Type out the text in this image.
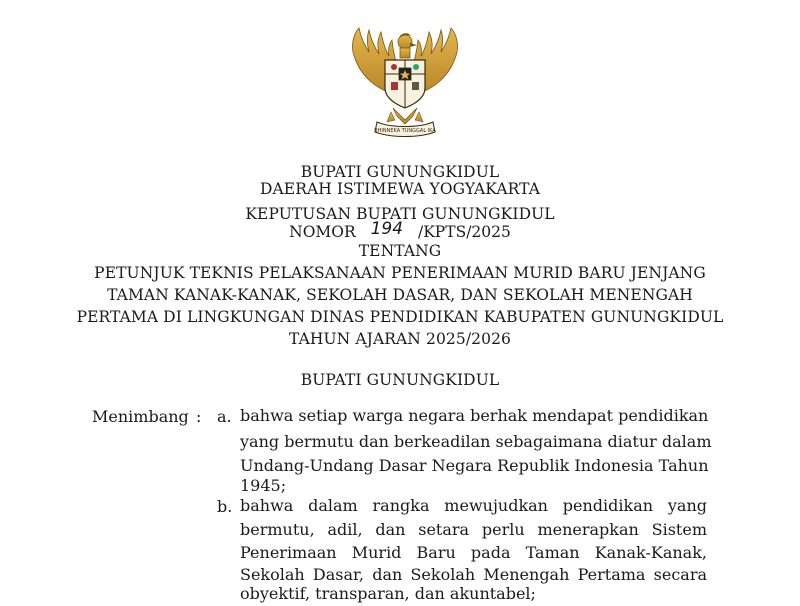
BHINNEKA TUNGGAL IKA
BUPATI GUNUNGKIDUL
DAERAH ISTIMEWA YOGYAKARTA
KEPUTUSAN BUPATI GUNUNGKIDUL
NOMOR 194 /KPTS/2025
TENTANG
PETUNJUK TEKNIS PELAKSANAAN PENERIMAAN MURID BARU JENJANG
TAMAN KANAK-KANAK, SEKOLAH DASAR, DAN SEKOLAH MENENGAH
PERTAMA DI LINGKUNGAN DINAS PENDIDIKAN KABUPATEN GUNUNGKIDUL
TAHUN AJARAN 2025/2026
BUPATI GUNUNGKIDUL
Menimbang : a. bahwa setiap warga negara berhak mendapat pendidikan
yang bermutu dan berkeadilan sebagaimana diatur dalam
Undang-Undang Dasar Negara Republik Indonesia Tahun
1945;
b. bahwa dalam rangka mewujudkan pendidikan yang
bermutu, adil, dan setara perlu menerapkan Sistem
Penerimaan Murid Baru pada Taman Kanak-Kanak,
Sekolah Dasar, dan Sekolah Menengah Pertama secara
obyektif, transparan, dan akuntabel;
